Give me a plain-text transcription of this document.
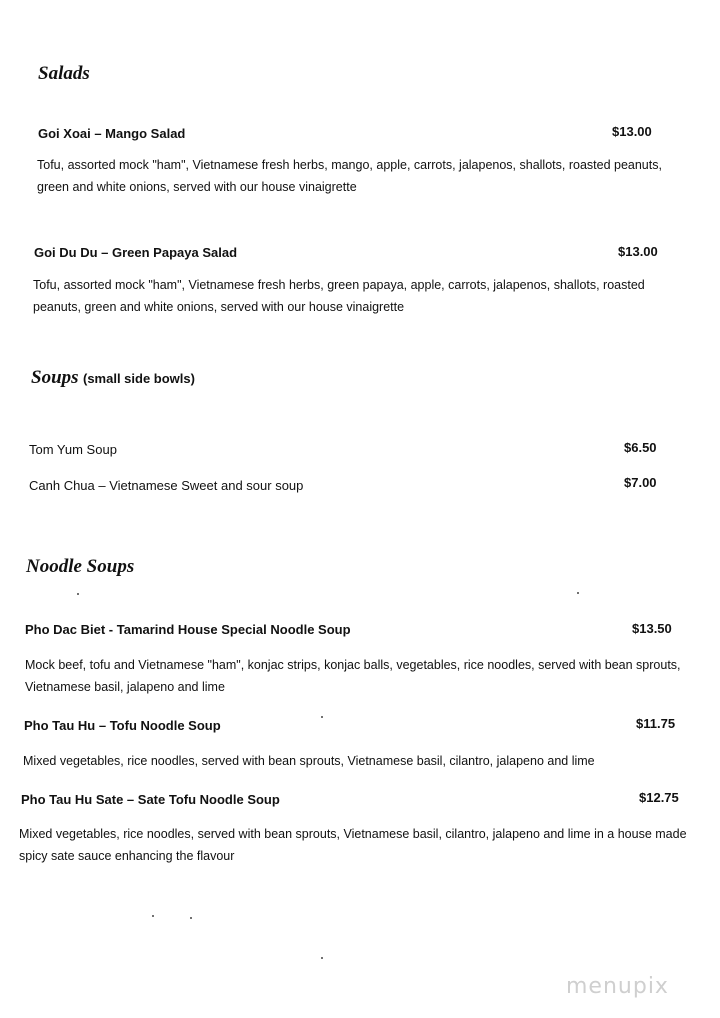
Salads
Goi Xoai – Mango Salad	$13.00
Tofu, assorted mock "ham", Vietnamese fresh herbs, mango, apple, carrots, jalapenos, shallots, roasted peanuts, green and white onions, served with our house vinaigrette
Goi Du Du – Green Papaya Salad	$13.00
Tofu, assorted mock "ham", Vietnamese fresh herbs, green papaya, apple, carrots, jalapenos, shallots, roasted peanuts, green and white onions, served with our house vinaigrette
Soups (small side bowls)
Tom Yum Soup	$6.50
Canh Chua – Vietnamese Sweet and sour soup	$7.00
Noodle Soups
Pho Dac Biet - Tamarind House Special Noodle Soup	$13.50
Mock beef, tofu and Vietnamese "ham", konjac strips, konjac balls, vegetables, rice noodles, served with bean sprouts, Vietnamese basil, jalapeno and lime
Pho Tau Hu – Tofu Noodle Soup	$11.75
Mixed vegetables, rice noodles, served with bean sprouts, Vietnamese basil, cilantro, jalapeno and lime
Pho Tau Hu Sate – Sate Tofu Noodle Soup	$12.75
Mixed vegetables, rice noodles, served with bean sprouts, Vietnamese basil, cilantro, jalapeno and lime in a house made spicy sate sauce enhancing the flavour
menupix
